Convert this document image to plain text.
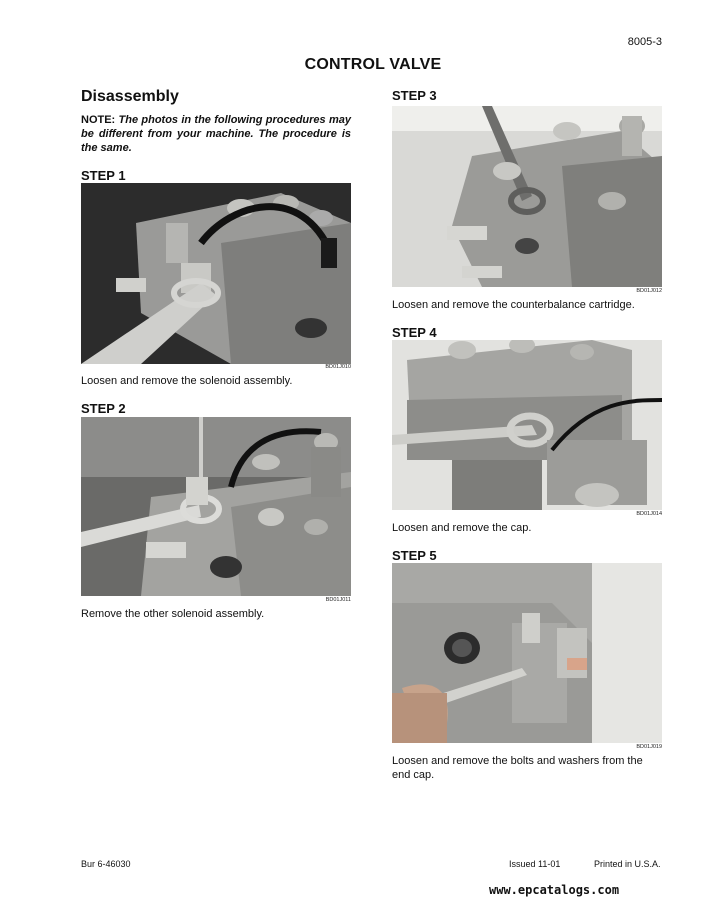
8005-3
CONTROL VALVE
Disassembly
NOTE: The photos in the following procedures may be different from your machine. The procedure is the same.
STEP 1
BD01J010
Loosen and remove the solenoid assembly.
STEP 2
BD01J011
Remove the other solenoid assembly.
STEP 3
BD01J012
Loosen and remove the counterbalance cartridge.
STEP 4
BD01J014
Loosen and remove the cap.
STEP 5
BD01J019
Loosen and remove the bolts and washers from the end cap.
Bur 6-46030	Issued 11-01	Printed in U.S.A.
www.epcatalogs.com
